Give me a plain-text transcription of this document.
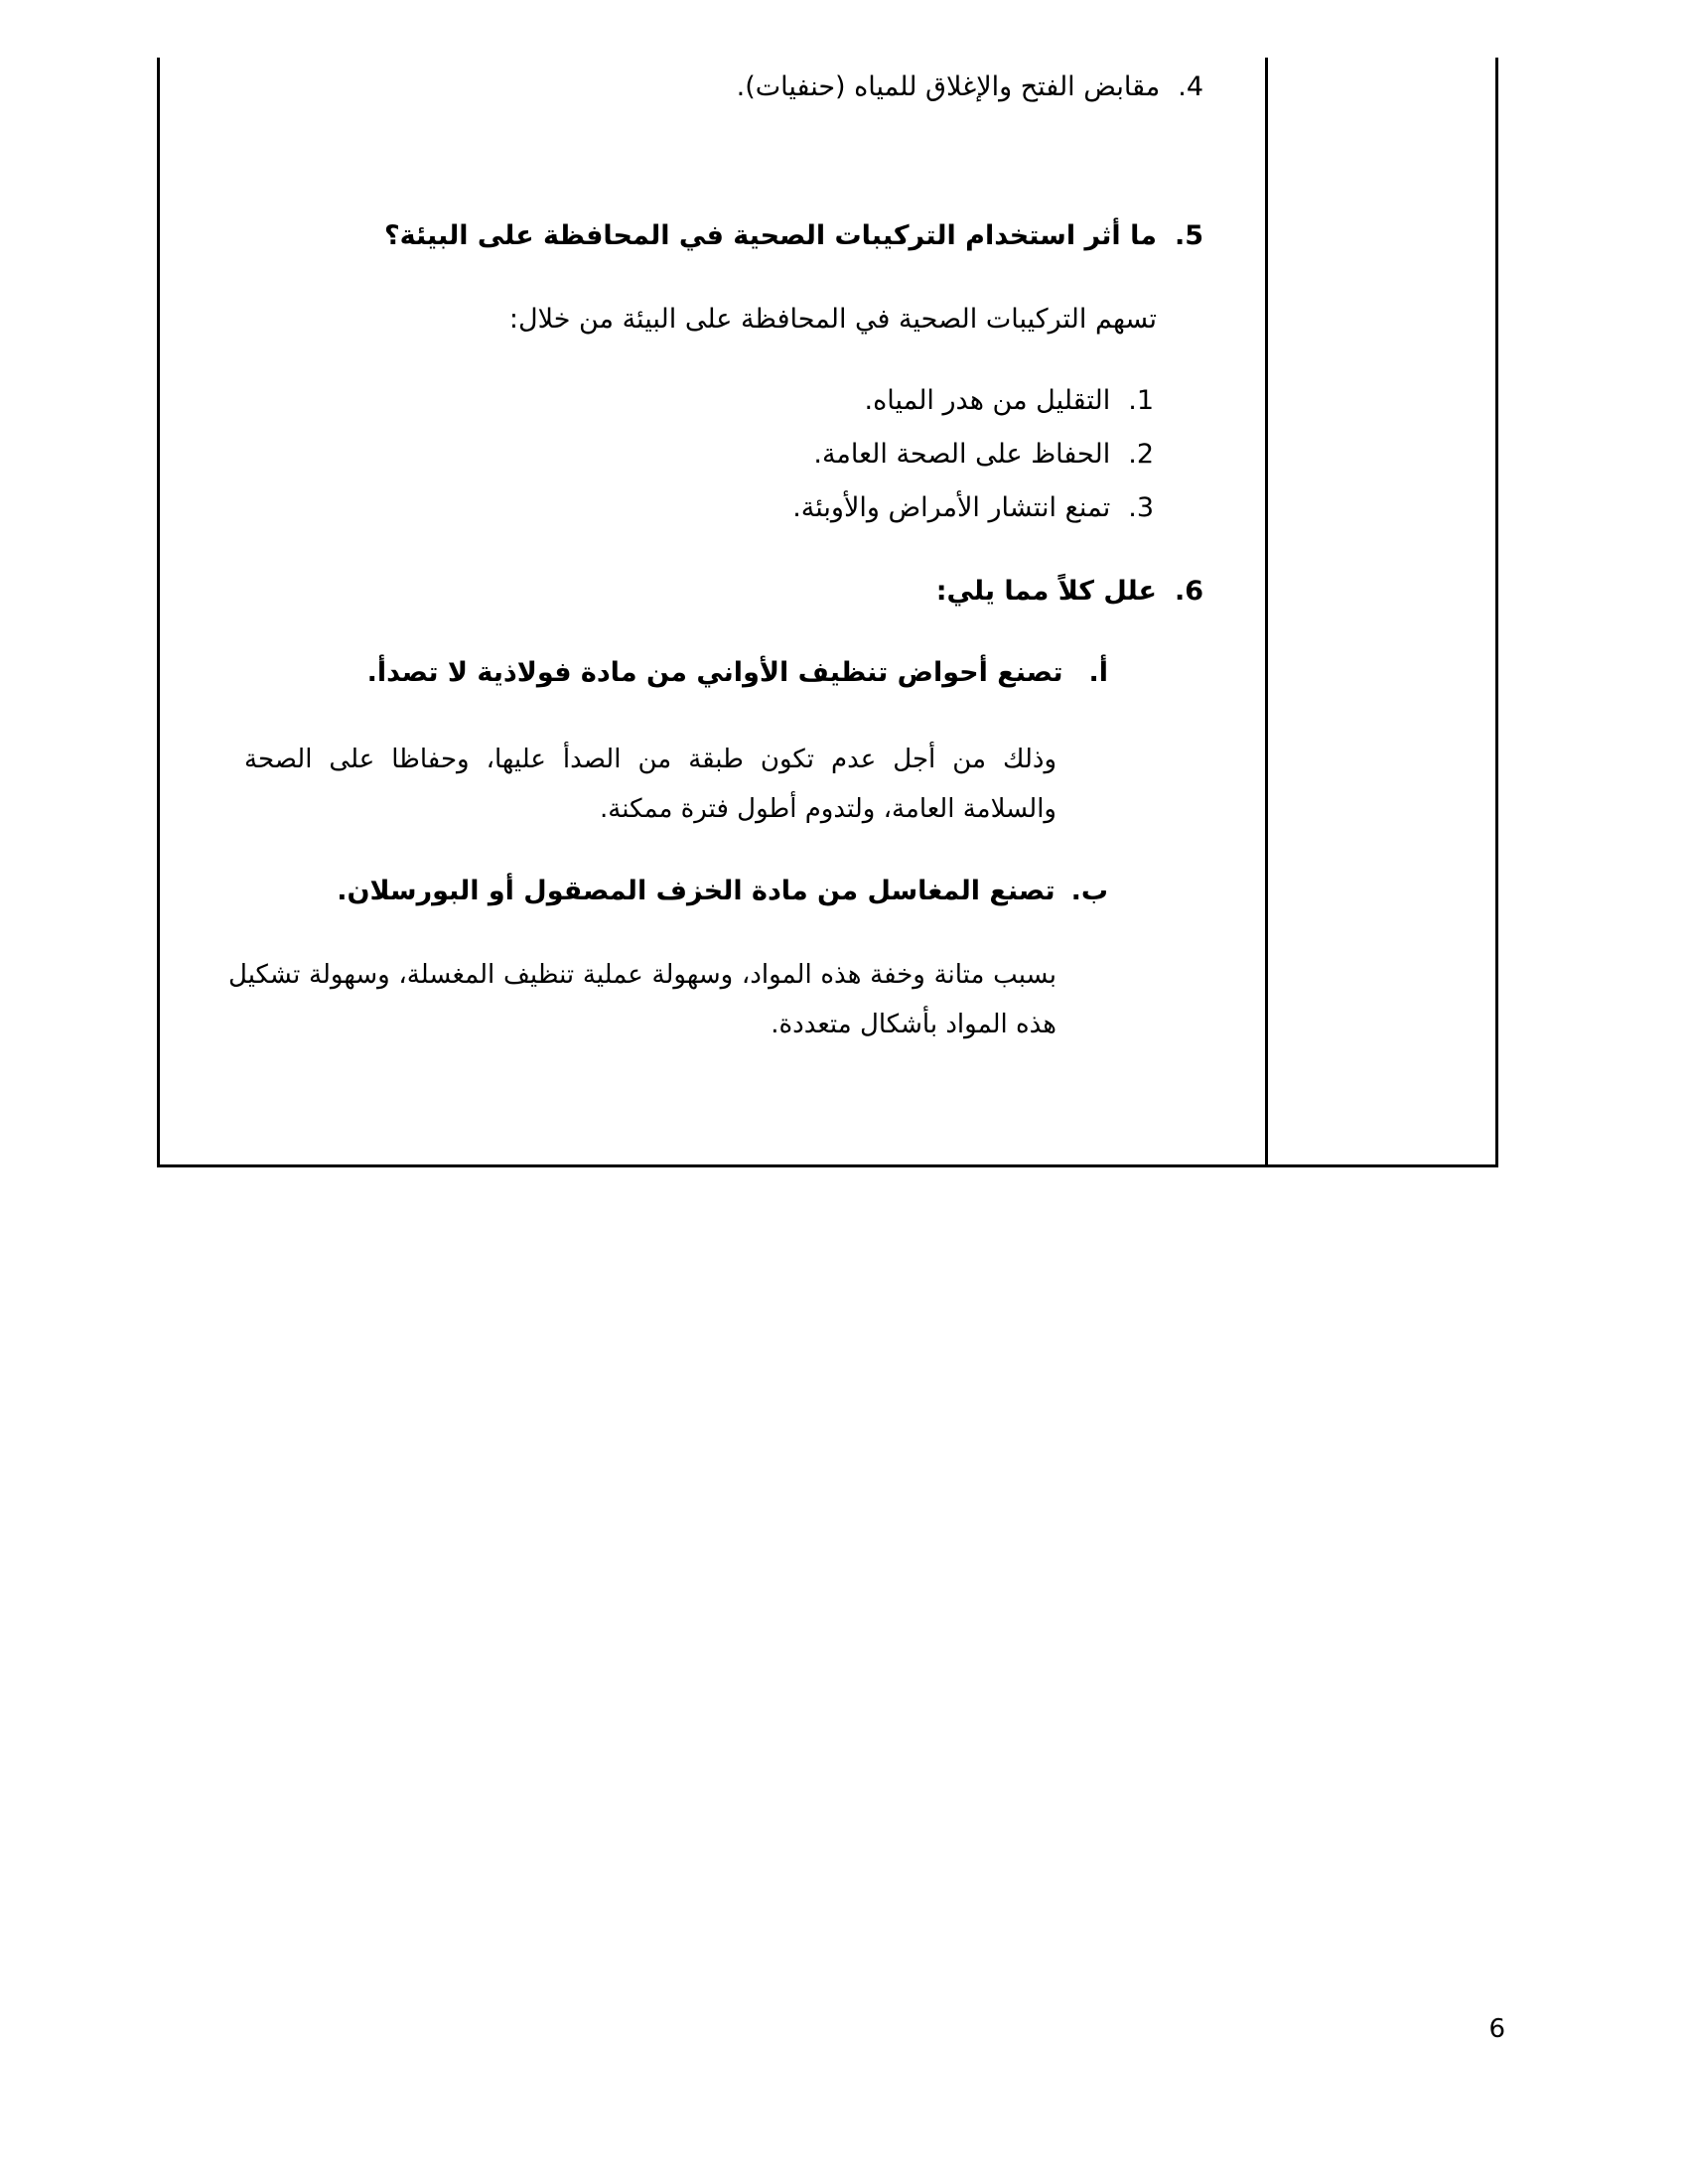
4.مقابض الفتح والإغلاق للمياه (حنفيات).
5.ما أثر استخدام التركيبات الصحية في المحافظة على البيئة؟
تسهم التركيبات الصحية في المحافظة على البيئة من خلال:
1.التقليل من هدر المياه.
2.الحفاظ على الصحة العامة.
3.تمنع انتشار الأمراض والأوبئة.
6.علل كلاً مما يلي:
أ.تصنع أحواض تنظيف الأواني من مادة فولاذية لا تصدأ.
وذلك من أجل عدم تكون طبقة من الصدأ عليها، وحفاظا على الصحة والسلامة العامة، ولتدوم أطول فترة ممكنة.
ب.تصنع المغاسل من مادة الخزف المصقول أو البورسلان.
بسبب متانة وخفة هذه المواد، وسهولة عملية تنظيف المغسلة، وسهولة تشكيل هذه المواد بأشكال متعددة.
6
